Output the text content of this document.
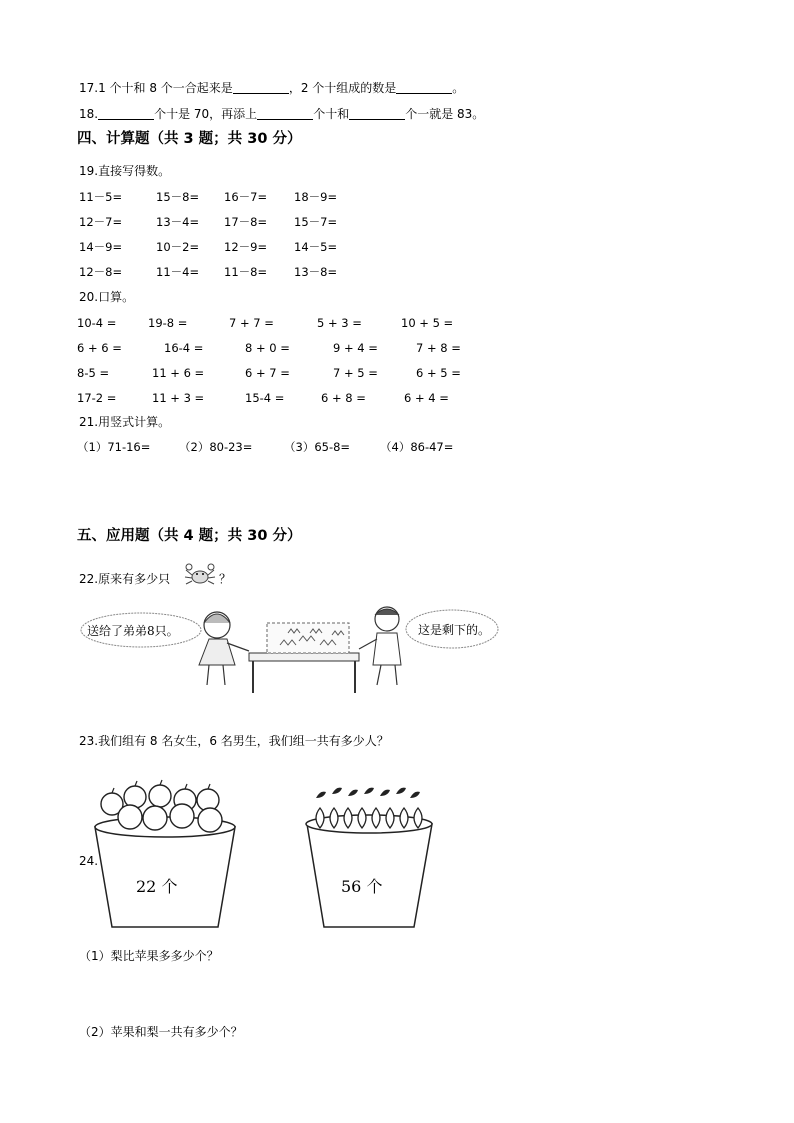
17.1 个十和 8 个一合起来是	，2 个十组成的数是	。
18.	个十是 70，再添上	个十和	个一就是 83。
四、计算题（共 3 题；共 30 分）
19.直接写得数。
11－5=	15－8= 16－7= 18－9=
12－7=	13－4= 17－8= 15－7=
14－9=	10－2= 12－9= 14－5=
12－8=	11－4= 11－8= 13－8=
20.口算。
10-4 =	19-8 =	7 + 7 =	5 + 3 =	10 + 5 =
6 + 6 =	16-4 =	8 + 0 =	9 + 4 =	7 + 8 =
8-5 =	11 + 6 =	6 + 7 =	7 + 5 =	6 + 5 =
17-2 =	11 + 3 =	15-4 =	6 + 8 =	6 + 4 =
21.用竖式计算。
（1）71-16= （2）80-23=	（3）65-8=	（4）86-47=
五、应用题（共 4 题；共 30 分）
22.原来有多少只	？
送给了弟弟8只。	这是剩下的。
23.我们组有 8 名女生，6 名男生，我们组一共有多少人？
24.
22 个	56 个
（1）梨比苹果多多少个？
（2）苹果和梨一共有多少个？
